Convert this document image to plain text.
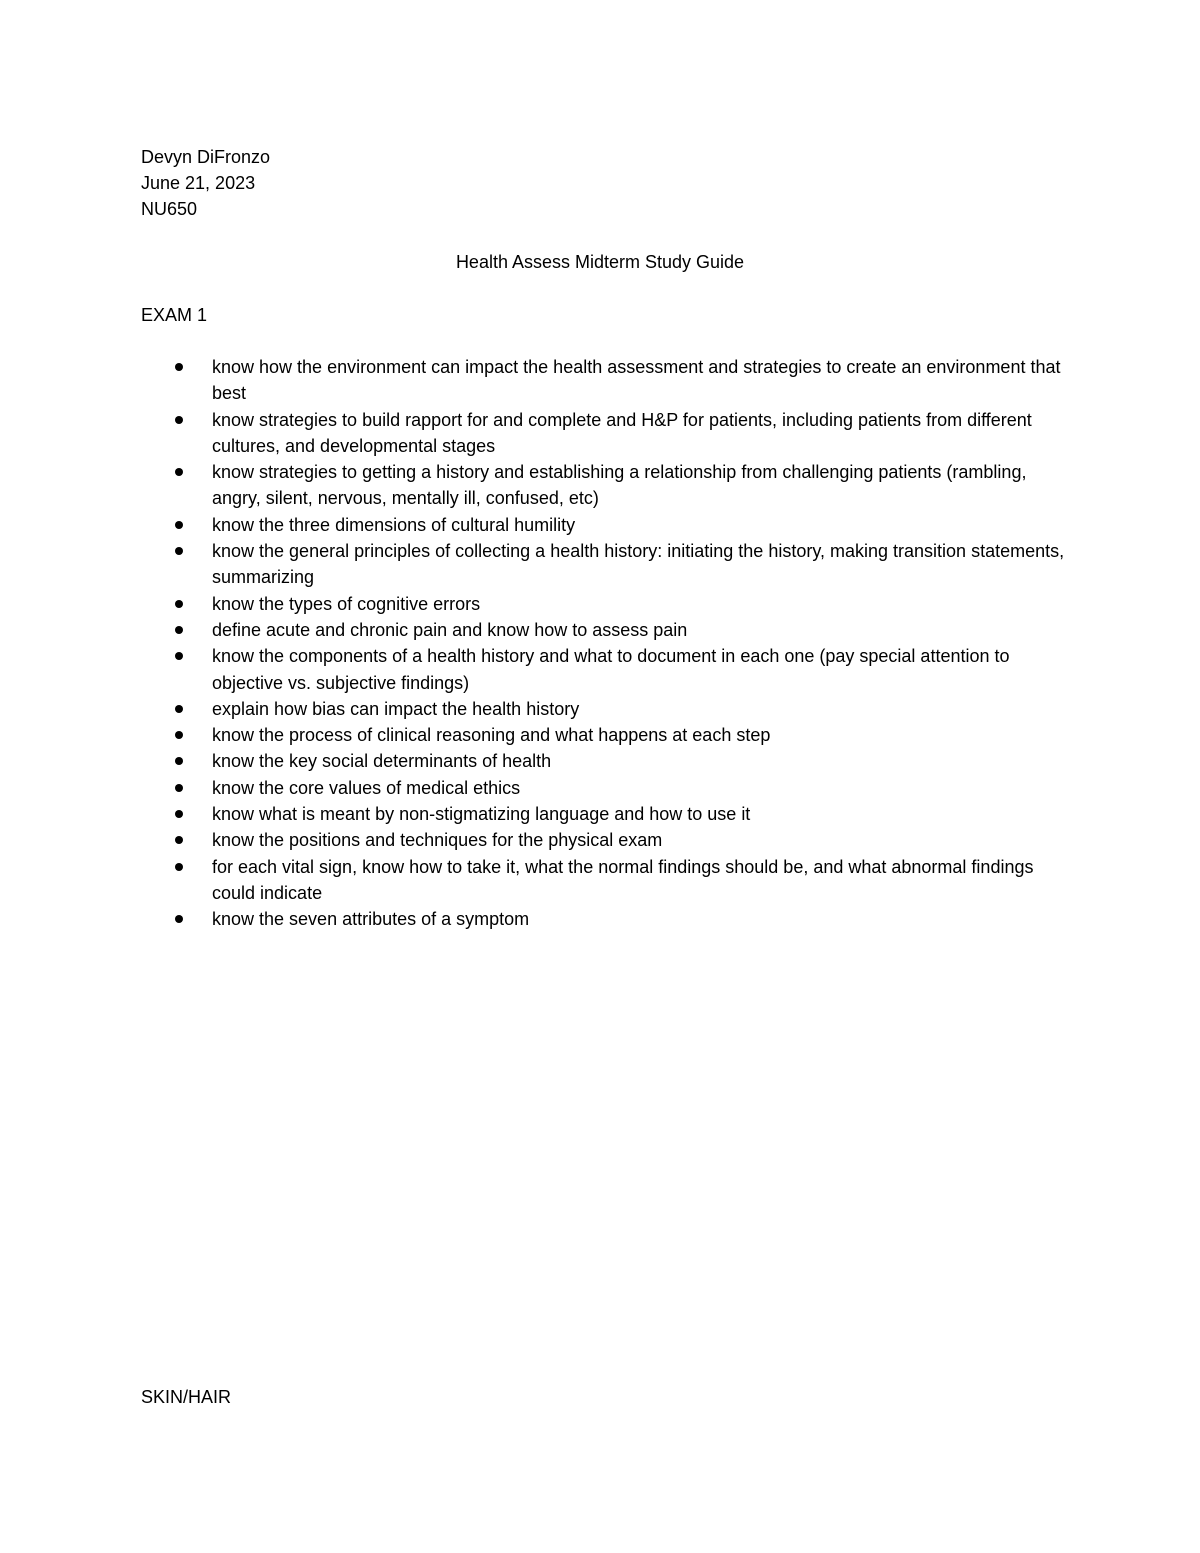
Devyn DiFronzo
June 21, 2023
NU650
Health Assess Midterm Study Guide
EXAM 1
know how the environment can impact the health assessment and strategies to create an environment that best
know strategies to build rapport for and complete and H&P for patients, including patients from different cultures, and developmental stages
know strategies to getting a history and establishing a relationship from challenging patients (rambling, angry, silent, nervous, mentally ill, confused, etc)
know the three dimensions of cultural humility
know the general principles of collecting a health history: initiating the history, making transition statements, summarizing
know the types of cognitive errors
define acute and chronic pain and know how to assess pain
know the components of a health history and what to document in each one (pay special attention to objective vs. subjective findings)
explain how bias can impact the health history
know the process of clinical reasoning and what happens at each step
know the key social determinants of health
know the core values of medical ethics
know what is meant by non-stigmatizing language and how to use it
know the positions and techniques for the physical exam
for each vital sign, know how to take it, what the normal findings should be, and what abnormal findings could indicate
know the seven attributes of a symptom
SKIN/HAIR
